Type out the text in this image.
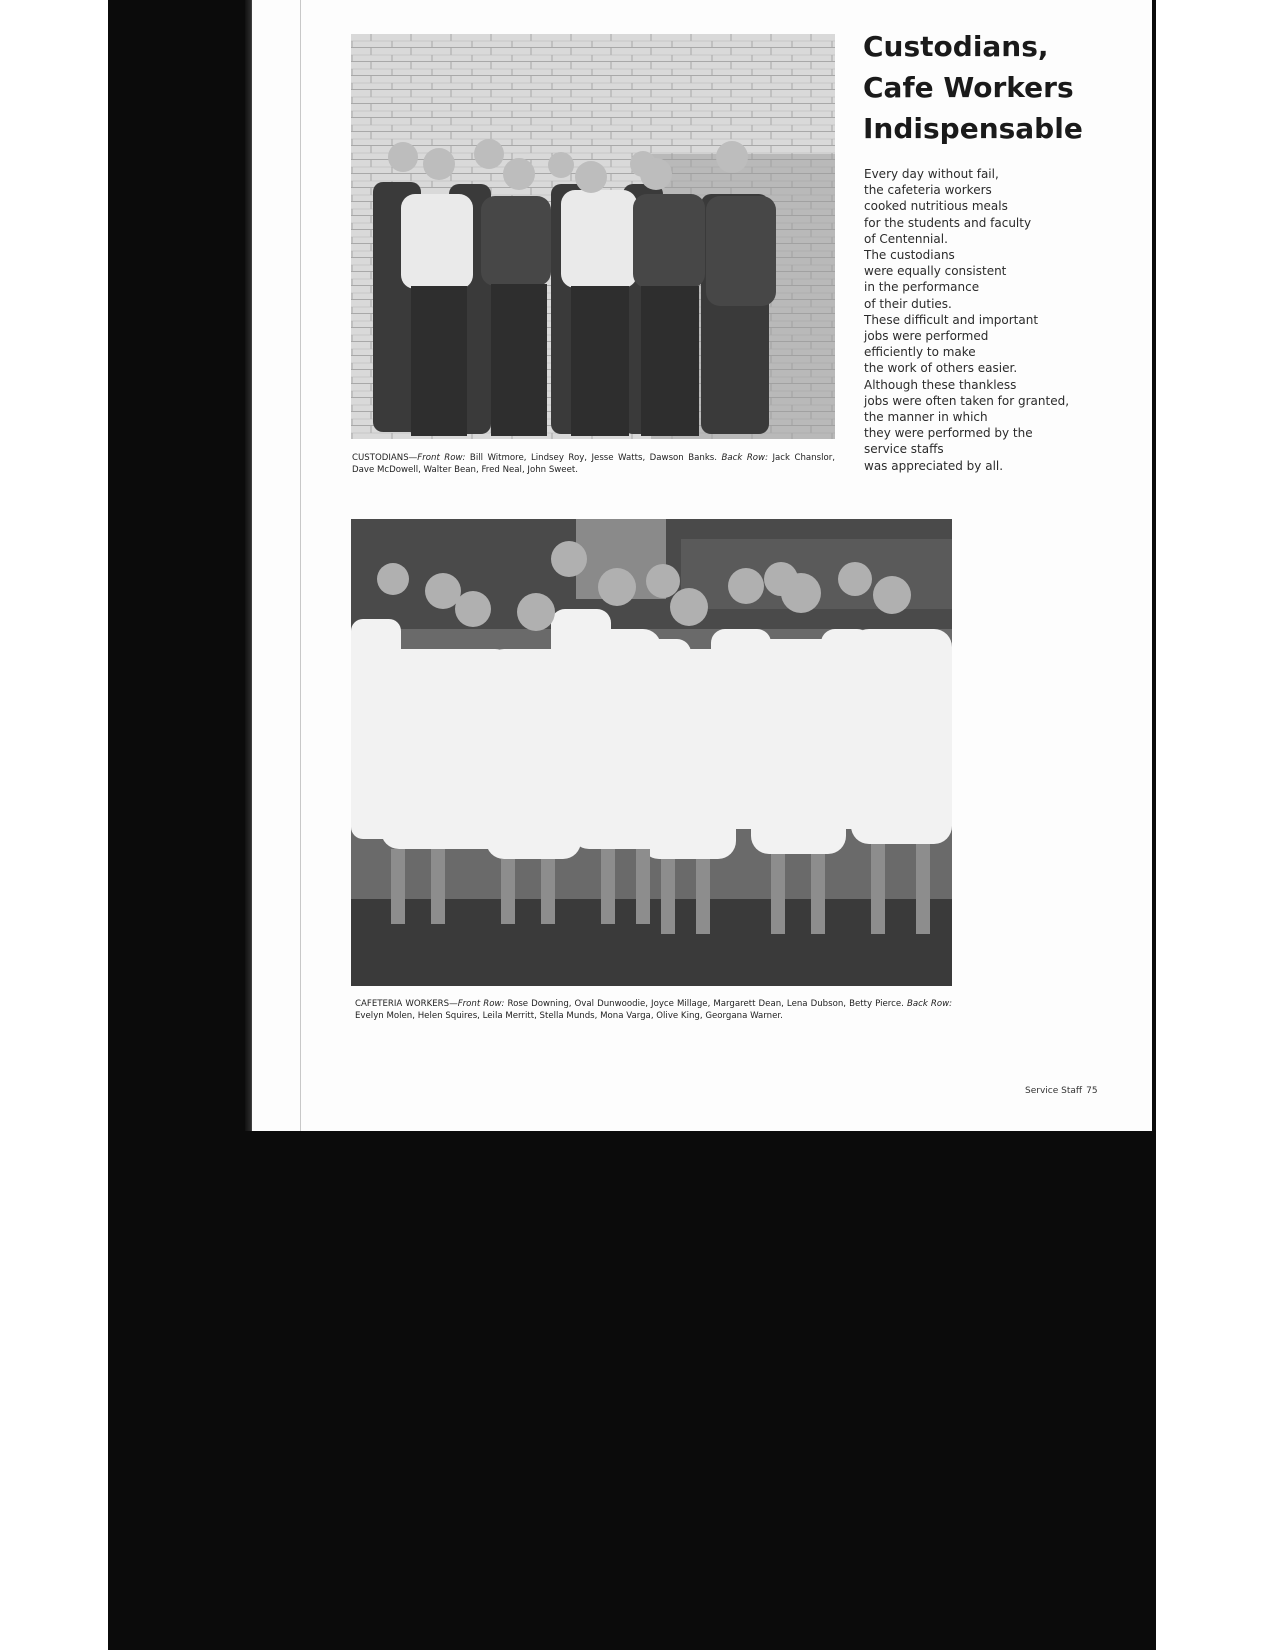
CUSTODIANS—Front Row: Bill Witmore, Lindsey Roy, Jesse Watts, Dawson Banks. Back Row: Jack Chanslor, Dave McDowell, Walter Bean, Fred Neal, John Sweet.

Custodians,
Cafe Workers
Indispensable

Every day without fail,
the cafeteria workers
cooked nutritious meals
for the students and faculty
of Centennial.
The custodians
were equally consistent
in the performance
of their duties.
These difficult and important
jobs were performed
efficiently to make
the work of others easier.
Although these thankless
jobs were often taken for granted,
the manner in which
they were performed by the
service staffs
was appreciated by all.

CAFETERIA WORKERS—Front Row: Rose Downing, Oval Dunwoodie, Joyce Millage, Margarett Dean, Lena Dubson, Betty Pierce. Back Row: Evelyn Molen, Helen Squires, Leila Merritt, Stella Munds, Mona Varga, Olive King, Georgana Warner.

Service Staff 75
